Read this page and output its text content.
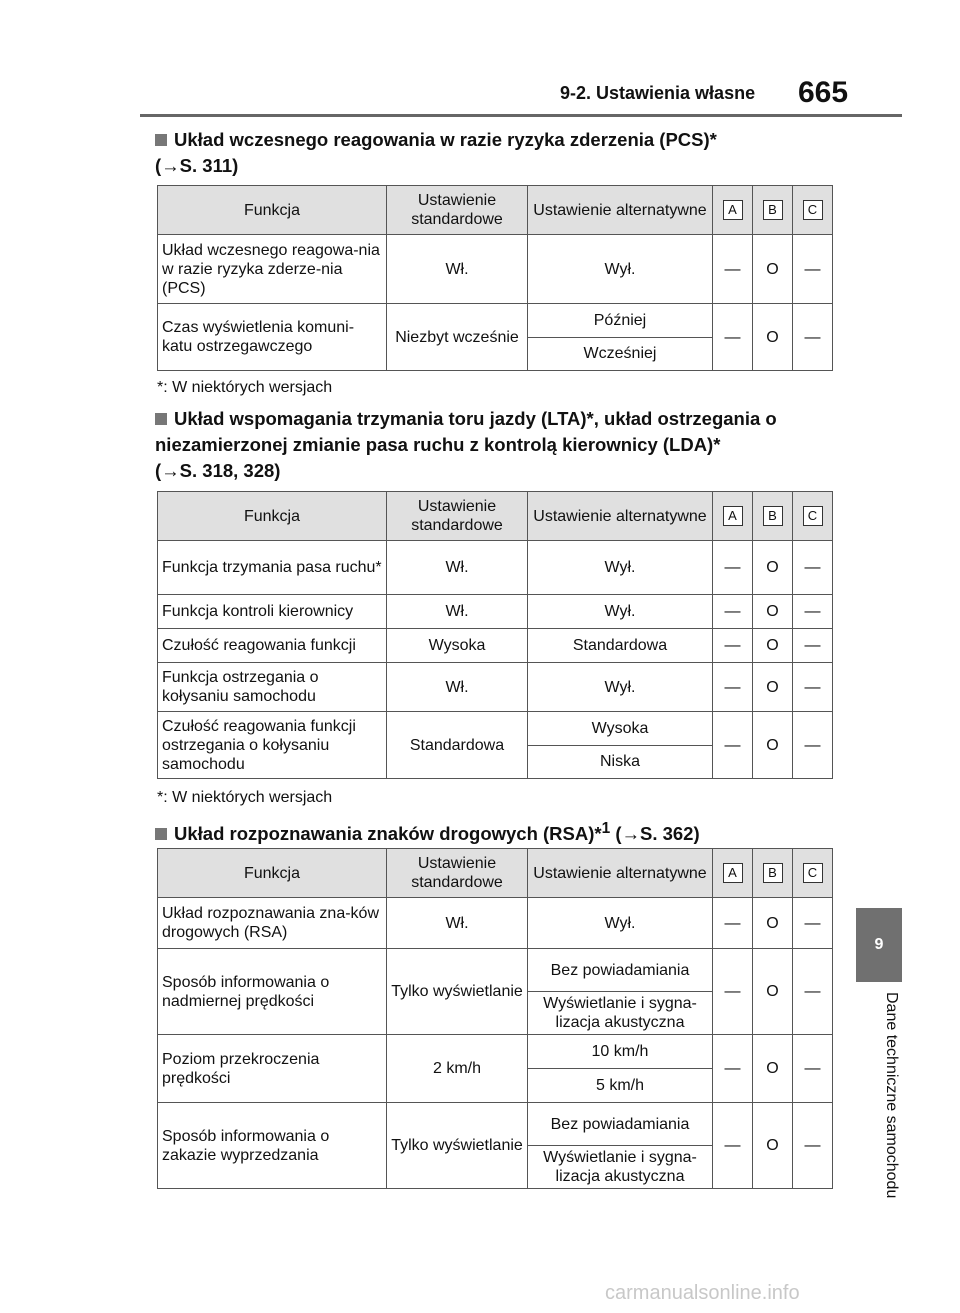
9-2. Ustawienia własne 665
Układ wczesnego reagowania w razie ryzyka zderzenia (PCS)*
(→S. 311)
Funkcja	Ustawienie standardowe	Ustawienie alternatywne	A	B	C
Układ wczesnego reagowa-nia w razie ryzyka zderze-nia (PCS)	Wł.	Wył.	—	O	—
Czas wyświetlenia komuni-katu ostrzegawczego	Niezbyt wcześnie	Później	—	O	—
		Wcześniej			
*: W niektórych wersjach
Układ wspomagania trzymania toru jazdy (LTA)*, układ ostrzegania o niezamierzonej zmianie pasa ruchu z kontrolą kierownicy (LDA)*
(→S. 318, 328)
Funkcja	Ustawienie standardowe	Ustawienie alternatywne	A	B	C
Funkcja trzymania pasa ruchu*	Wł.	Wył.	—	O	—
Funkcja kontroli kierownicy	Wł.	Wył.	—	O	—
Czułość reagowania funkcji	Wysoka	Standardowa	—	O	—
Funkcja ostrzegania o kołysaniu samochodu	Wł.	Wył.	—	O	—
Czułość reagowania funkcji ostrzegania o kołysaniu samochodu	Standardowa	Wysoka	—	O	—
		Niska			
*: W niektórych wersjach
Układ rozpoznawania znaków drogowych (RSA)*$^1$ (→S. 362)
Funkcja	Ustawienie standardowe	Ustawienie alternatywne	A	B	C
Układ rozpoznawania zna-ków drogowych (RSA)	Wł.	Wył.	—	O	—
Sposób informowania o nadmiernej prędkości	Tylko wyświetlanie	Bez powiadamiania	—	O	—
		Wyświetlanie i sygna-lizacja akustyczna			
Poziom przekroczenia prędkości	2 km/h	10 km/h	—	O	—
		5 km/h			
Sposób informowania o zakazie wyprzedzania	Tylko wyświetlanie	Bez powiadamiania	—	O	—
		Wyświetlanie i sygna-lizacja akustyczna			
9
Dane techniczne samochodu
carmanualsonline.info
